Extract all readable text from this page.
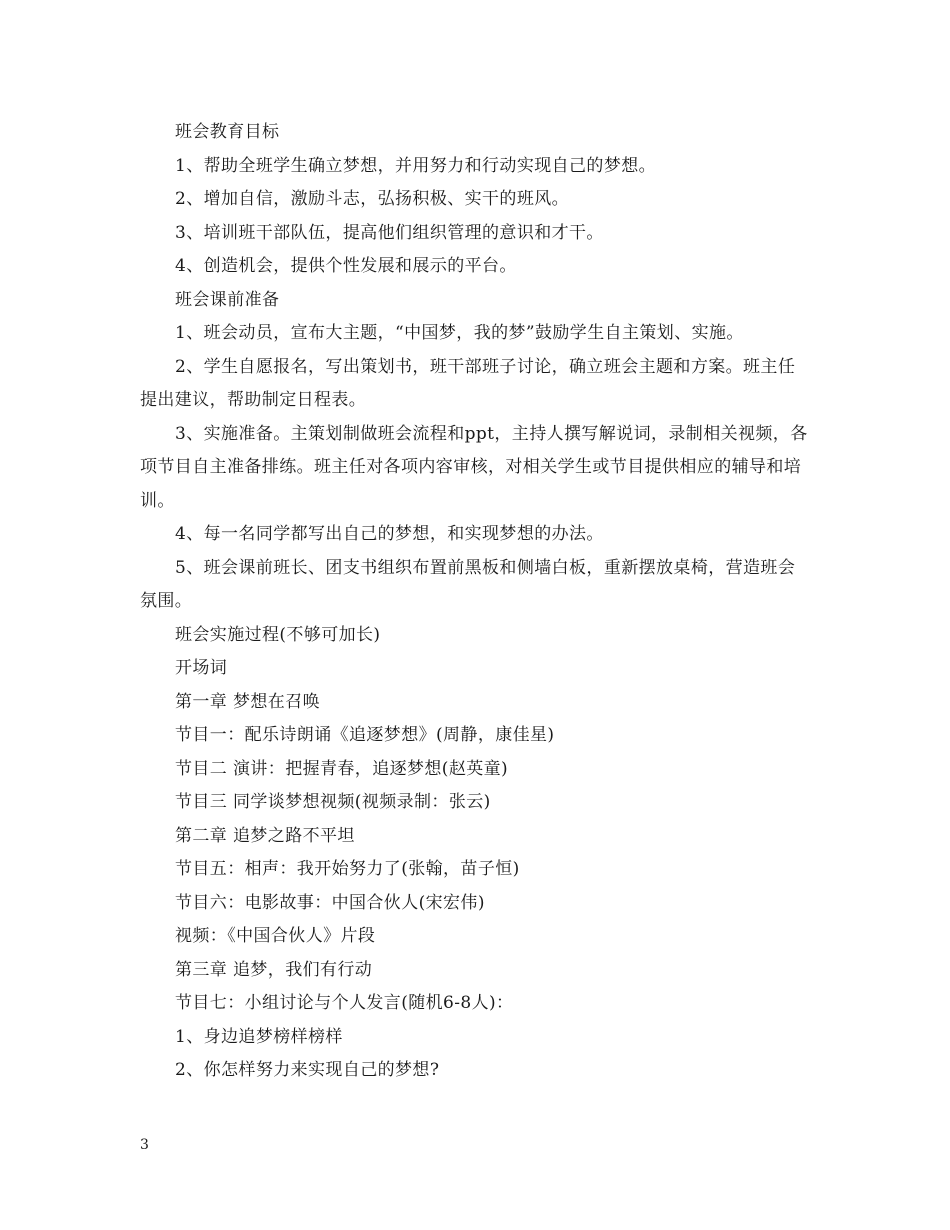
班会教育目标

1、帮助全班学生确立梦想，并用努力和行动实现自己的梦想。

2、增加自信，激励斗志，弘扬积极、实干的班风。

3、培训班干部队伍，提高他们组织管理的意识和才干。

4、创造机会，提供个性发展和展示的平台。

班会课前准备

1、班会动员，宣布大主题，“中国梦，我的梦”鼓励学生自主策划、实施。

2、学生自愿报名，写出策划书，班干部班子讨论，确立班会主题和方案。班主任提出建议，帮助制定日程表。

3、实施准备。主策划制做班会流程和ppt，主持人撰写解说词，录制相关视频，各项节目自主准备排练。班主任对各项内容审核，对相关学生或节目提供相应的辅导和培训。

4、每一名同学都写出自己的梦想，和实现梦想的办法。

5、班会课前班长、团支书组织布置前黑板和侧墙白板，重新摆放桌椅，营造班会氛围。

班会实施过程(不够可加长)

开场词

第一章 梦想在召唤

节目一：配乐诗朗诵《追逐梦想》(周静，康佳星)

节目二 演讲：把握青春，追逐梦想(赵英童)

节目三 同学谈梦想视频(视频录制：张云)

第二章 追梦之路不平坦

节目五：相声：我开始努力了(张翰，苗子恒)

节目六：电影故事：中国合伙人(宋宏伟)

视频：《中国合伙人》片段

第三章 追梦，我们有行动

节目七：小组讨论与个人发言(随机6-8人)：

1、身边追梦榜样榜样

2、你怎样努力来实现自己的梦想?

3
